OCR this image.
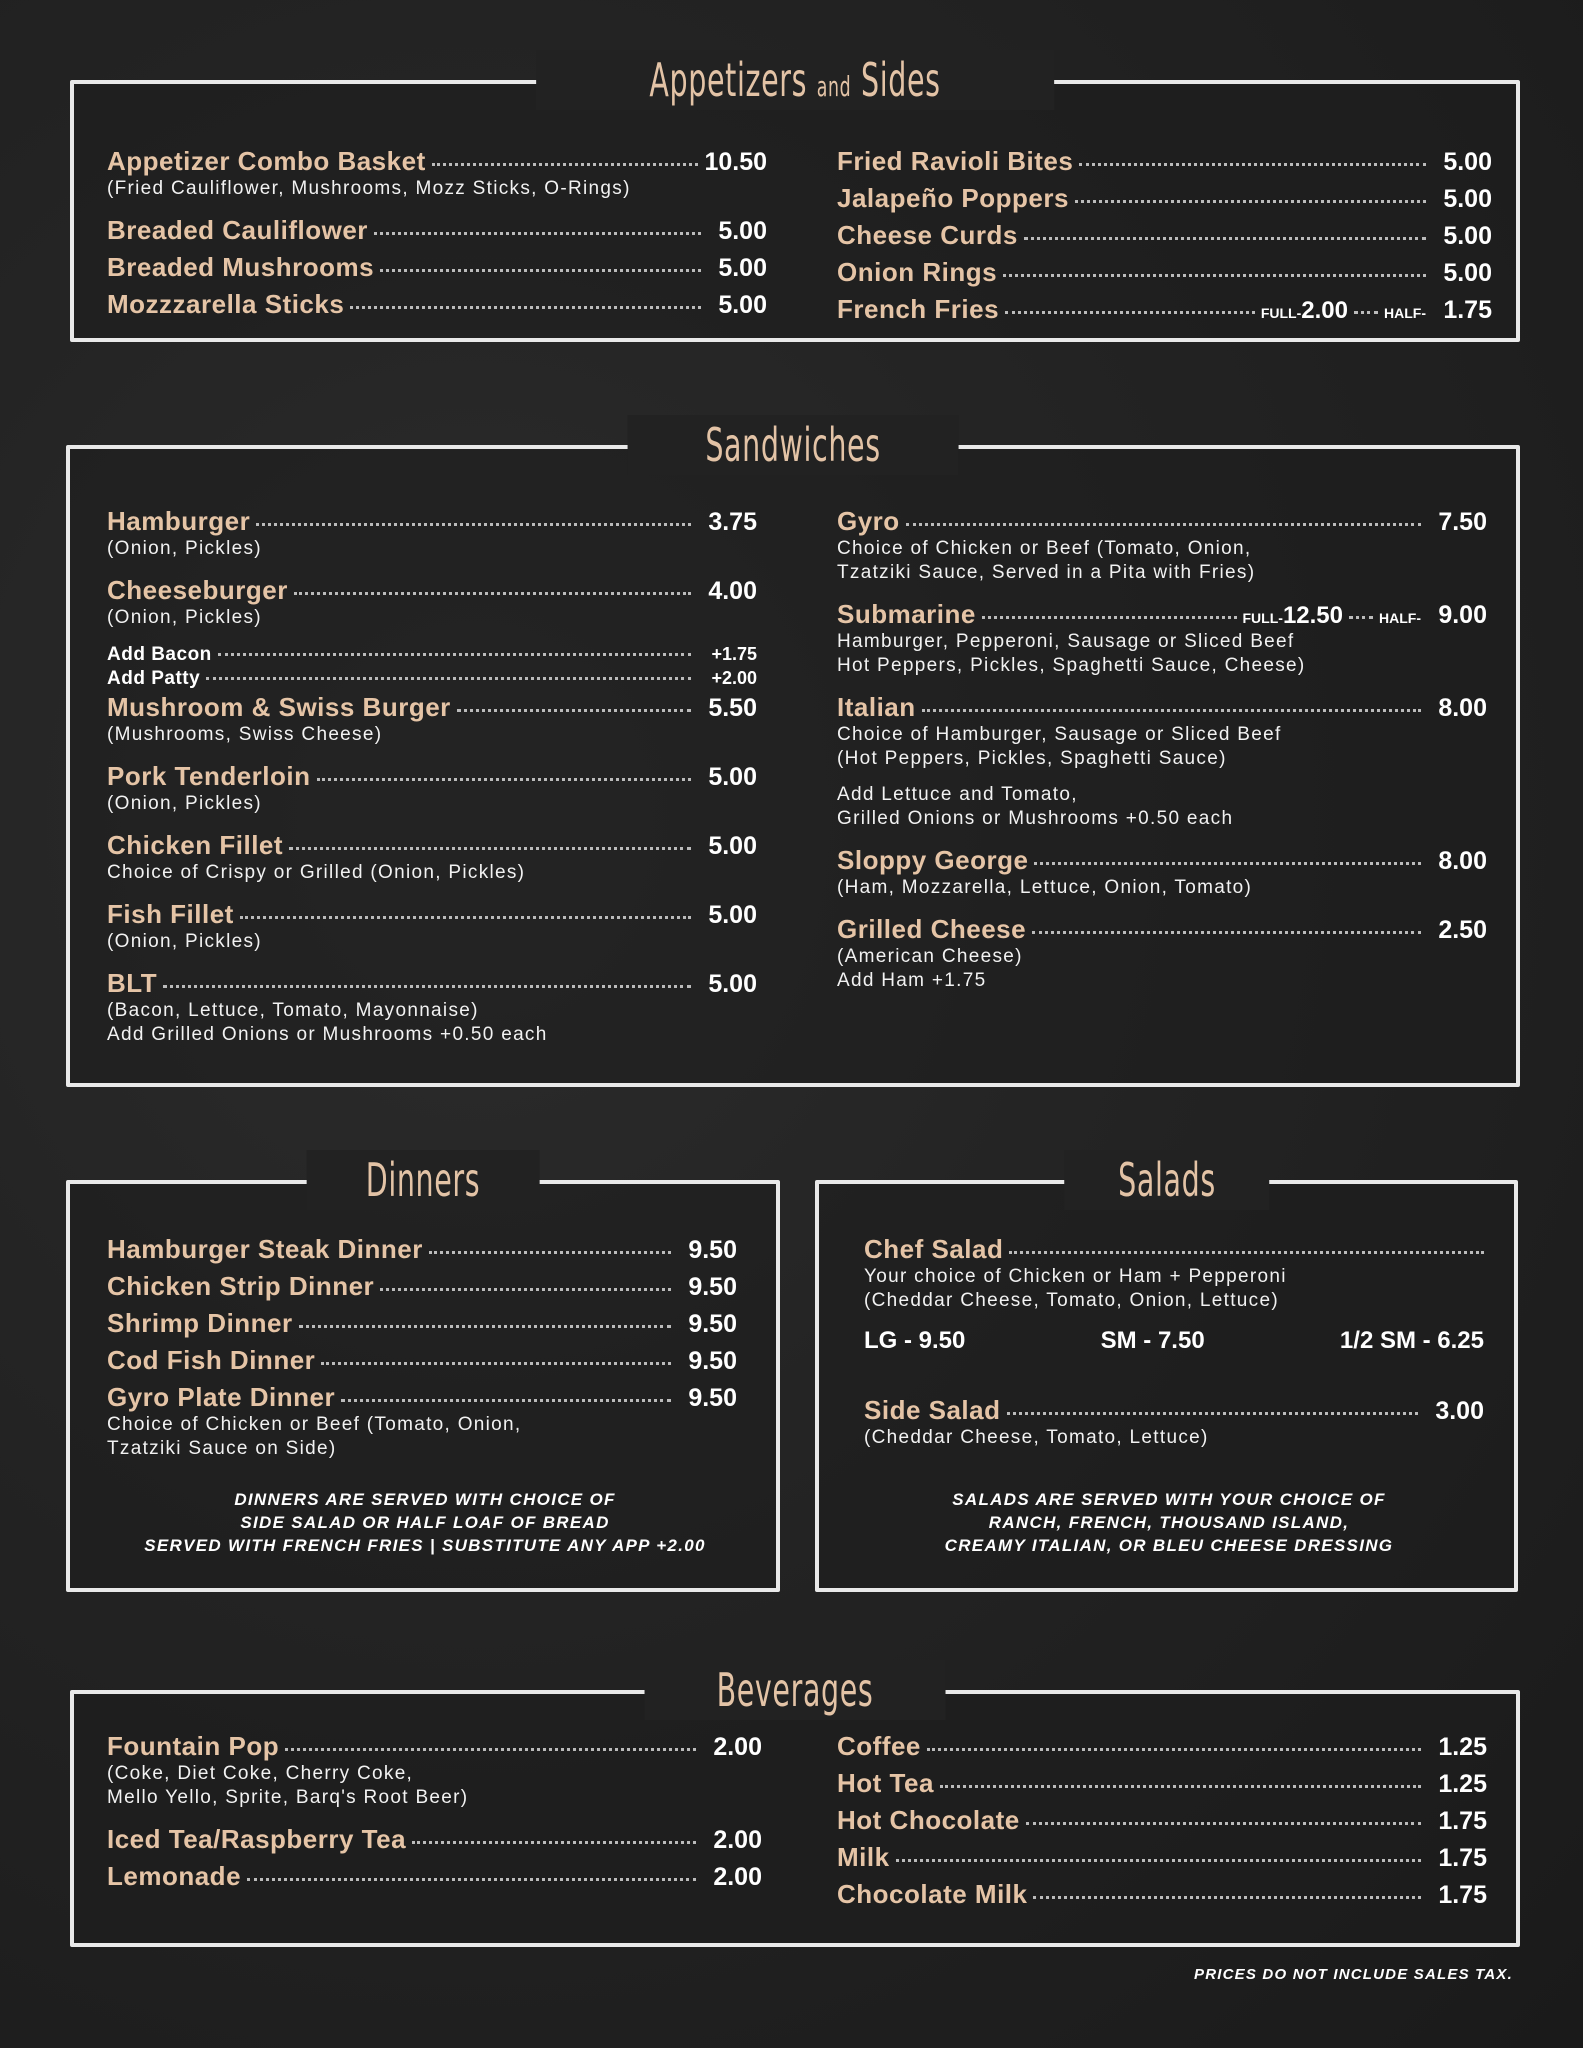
Appetizers and Sides
Appetizer Combo Basket	10.50
(Fried Cauliflower, Mushrooms, Mozz Sticks, O-Rings)
Breaded Cauliflower	5.00
Breaded Mushrooms	5.00
Mozzzarella Sticks	5.00
Fried Ravioli Bites	5.00
Jalapeño Poppers	5.00
Cheese Curds	5.00
Onion Rings	5.00
French Fries	FULL-2.00	HALF- 1.75
Sandwiches
Hamburger	3.75
(Onion, Pickles)
Cheeseburger	4.00
(Onion, Pickles)
Add Bacon	+1.75
Add Patty	+2.00
Mushroom & Swiss Burger	5.50
(Mushrooms, Swiss Cheese)
Pork Tenderloin	5.00
(Onion, Pickles)
Chicken Fillet	5.00
Choice of Crispy or Grilled (Onion, Pickles)
Fish Fillet	5.00
(Onion, Pickles)
BLT	5.00
(Bacon, Lettuce, Tomato, Mayonnaise)
Add Grilled Onions or Mushrooms +0.50 each
Gyro	7.50
Choice of Chicken or Beef (Tomato, Onion,
Tzatziki Sauce, Served in a Pita with Fries)
Submarine	FULL-12.50	HALF- 9.00
Hamburger, Pepperoni, Sausage or Sliced Beef
Hot Peppers, Pickles, Spaghetti Sauce, Cheese)
Italian	8.00
Choice of Hamburger, Sausage or Sliced Beef
(Hot Peppers, Pickles, Spaghetti Sauce)
Add Lettuce and Tomato,
Grilled Onions or Mushrooms +0.50 each
Sloppy George	8.00
(Ham, Mozzarella, Lettuce, Onion, Tomato)
Grilled Cheese	2.50
(American Cheese)
Add Ham +1.75
Dinners
Hamburger Steak Dinner	9.50
Chicken Strip Dinner	9.50
Shrimp Dinner	9.50
Cod Fish Dinner	9.50
Gyro Plate Dinner	9.50
Choice of Chicken or Beef (Tomato, Onion,
Tzatziki Sauce on Side)
DINNERS ARE SERVED WITH CHOICE OF
SIDE SALAD OR HALF LOAF OF BREAD
SERVED WITH FRENCH FRIES | SUBSTITUTE ANY APP +2.00
Salads
Chef Salad
Your choice of Chicken or Ham + Pepperoni
(Cheddar Cheese, Tomato, Onion, Lettuce)
LG - 9.50	SM - 7.50	1/2 SM - 6.25
Side Salad	3.00
(Cheddar Cheese, Tomato, Lettuce)
SALADS ARE SERVED WITH YOUR CHOICE OF
RANCH, FRENCH, THOUSAND ISLAND,
CREAMY ITALIAN, OR BLEU CHEESE DRESSING
Beverages
Fountain Pop	2.00
(Coke, Diet Coke, Cherry Coke,
Mello Yello, Sprite, Barq's Root Beer)
Iced Tea/Raspberry Tea	2.00
Lemonade	2.00
Coffee	1.25
Hot Tea	1.25
Hot Chocolate	1.75
Milk	1.75
Chocolate Milk	1.75
PRICES DO NOT INCLUDE SALES TAX.
